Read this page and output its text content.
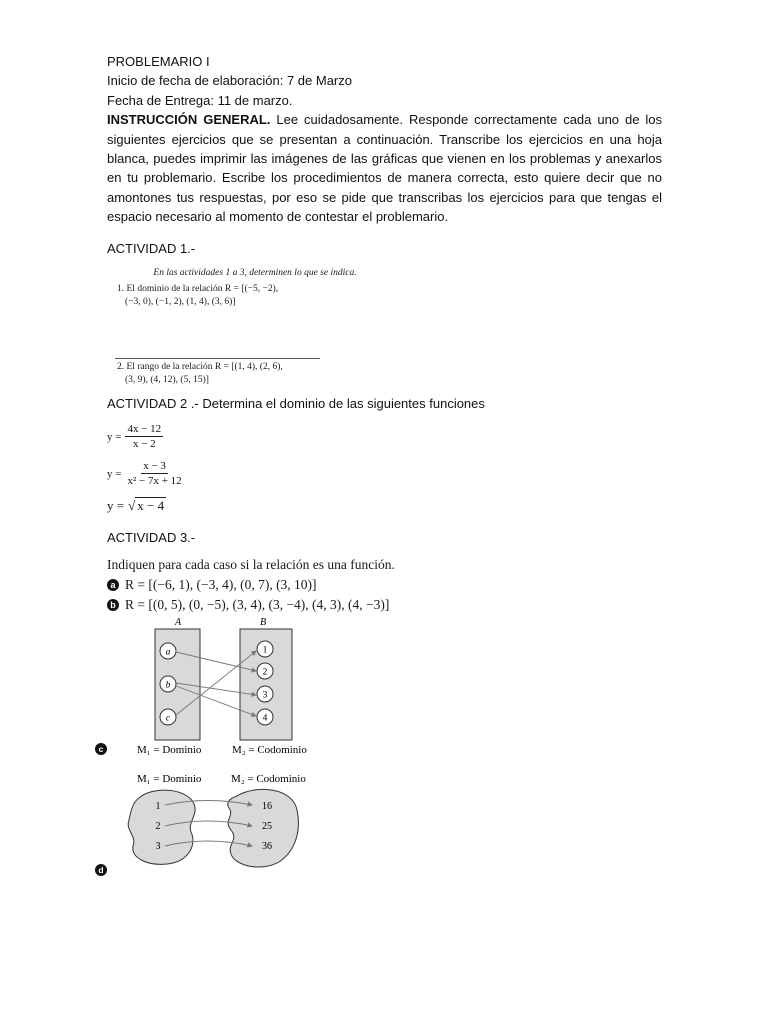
PROBLEMARIO I
Inicio de fecha de elaboración: 7 de Marzo
Fecha de Entrega: 11 de marzo.
INSTRUCCIÓN GENERAL. Lee cuidadosamente. Responde correctamente cada uno de los siguientes ejercicios que se presentan a continuación. Transcribe los ejercicios en una hoja blanca, puedes imprimir las imágenes de las gráficas que vienen en los problemas y anexarlos en tu problemario. Escribe los procedimientos de manera correcta, esto quiere decir que no amontones tus respuestas, por eso se pide que transcribas los ejercicios para que tengas el espacio necesario al momento de contestar el problemario.
ACTIVIDAD 1.-
En las actividades 1 a 3, determinen lo que se indica.
1. El dominio de la relación R = [(−5, −2),
(−3, 0), (−1, 2), (1, 4), (3, 6)]
2. El rango de la relación R = [(1, 4), (2, 6),
(3, 9), (4, 12), (5, 15)]
ACTIVIDAD 2 .- Determina el dominio de las siguientes funciones
$y = \frac{4x - 12}{x - 2}$
$y = \frac{x - 3}{\text{x² − 7x + 12}}$
y = √ x − 4
ACTIVIDAD 3.-
Indiquen para cada caso si la relación es una función.
a R = [(−6, 1), (−3, 4), (0, 7), (3, 10)]
b R = [(0, 5), (0, −5), (3, 4), (3, −4), (4, 3), (4, −3)]
A	B
a
b
c
1
2
3
4
c	M₁ = Dominio	M₂ = Codominio
M₁ = Dominio	M₂ = Codominio
1
2
3
16
25
36
d
